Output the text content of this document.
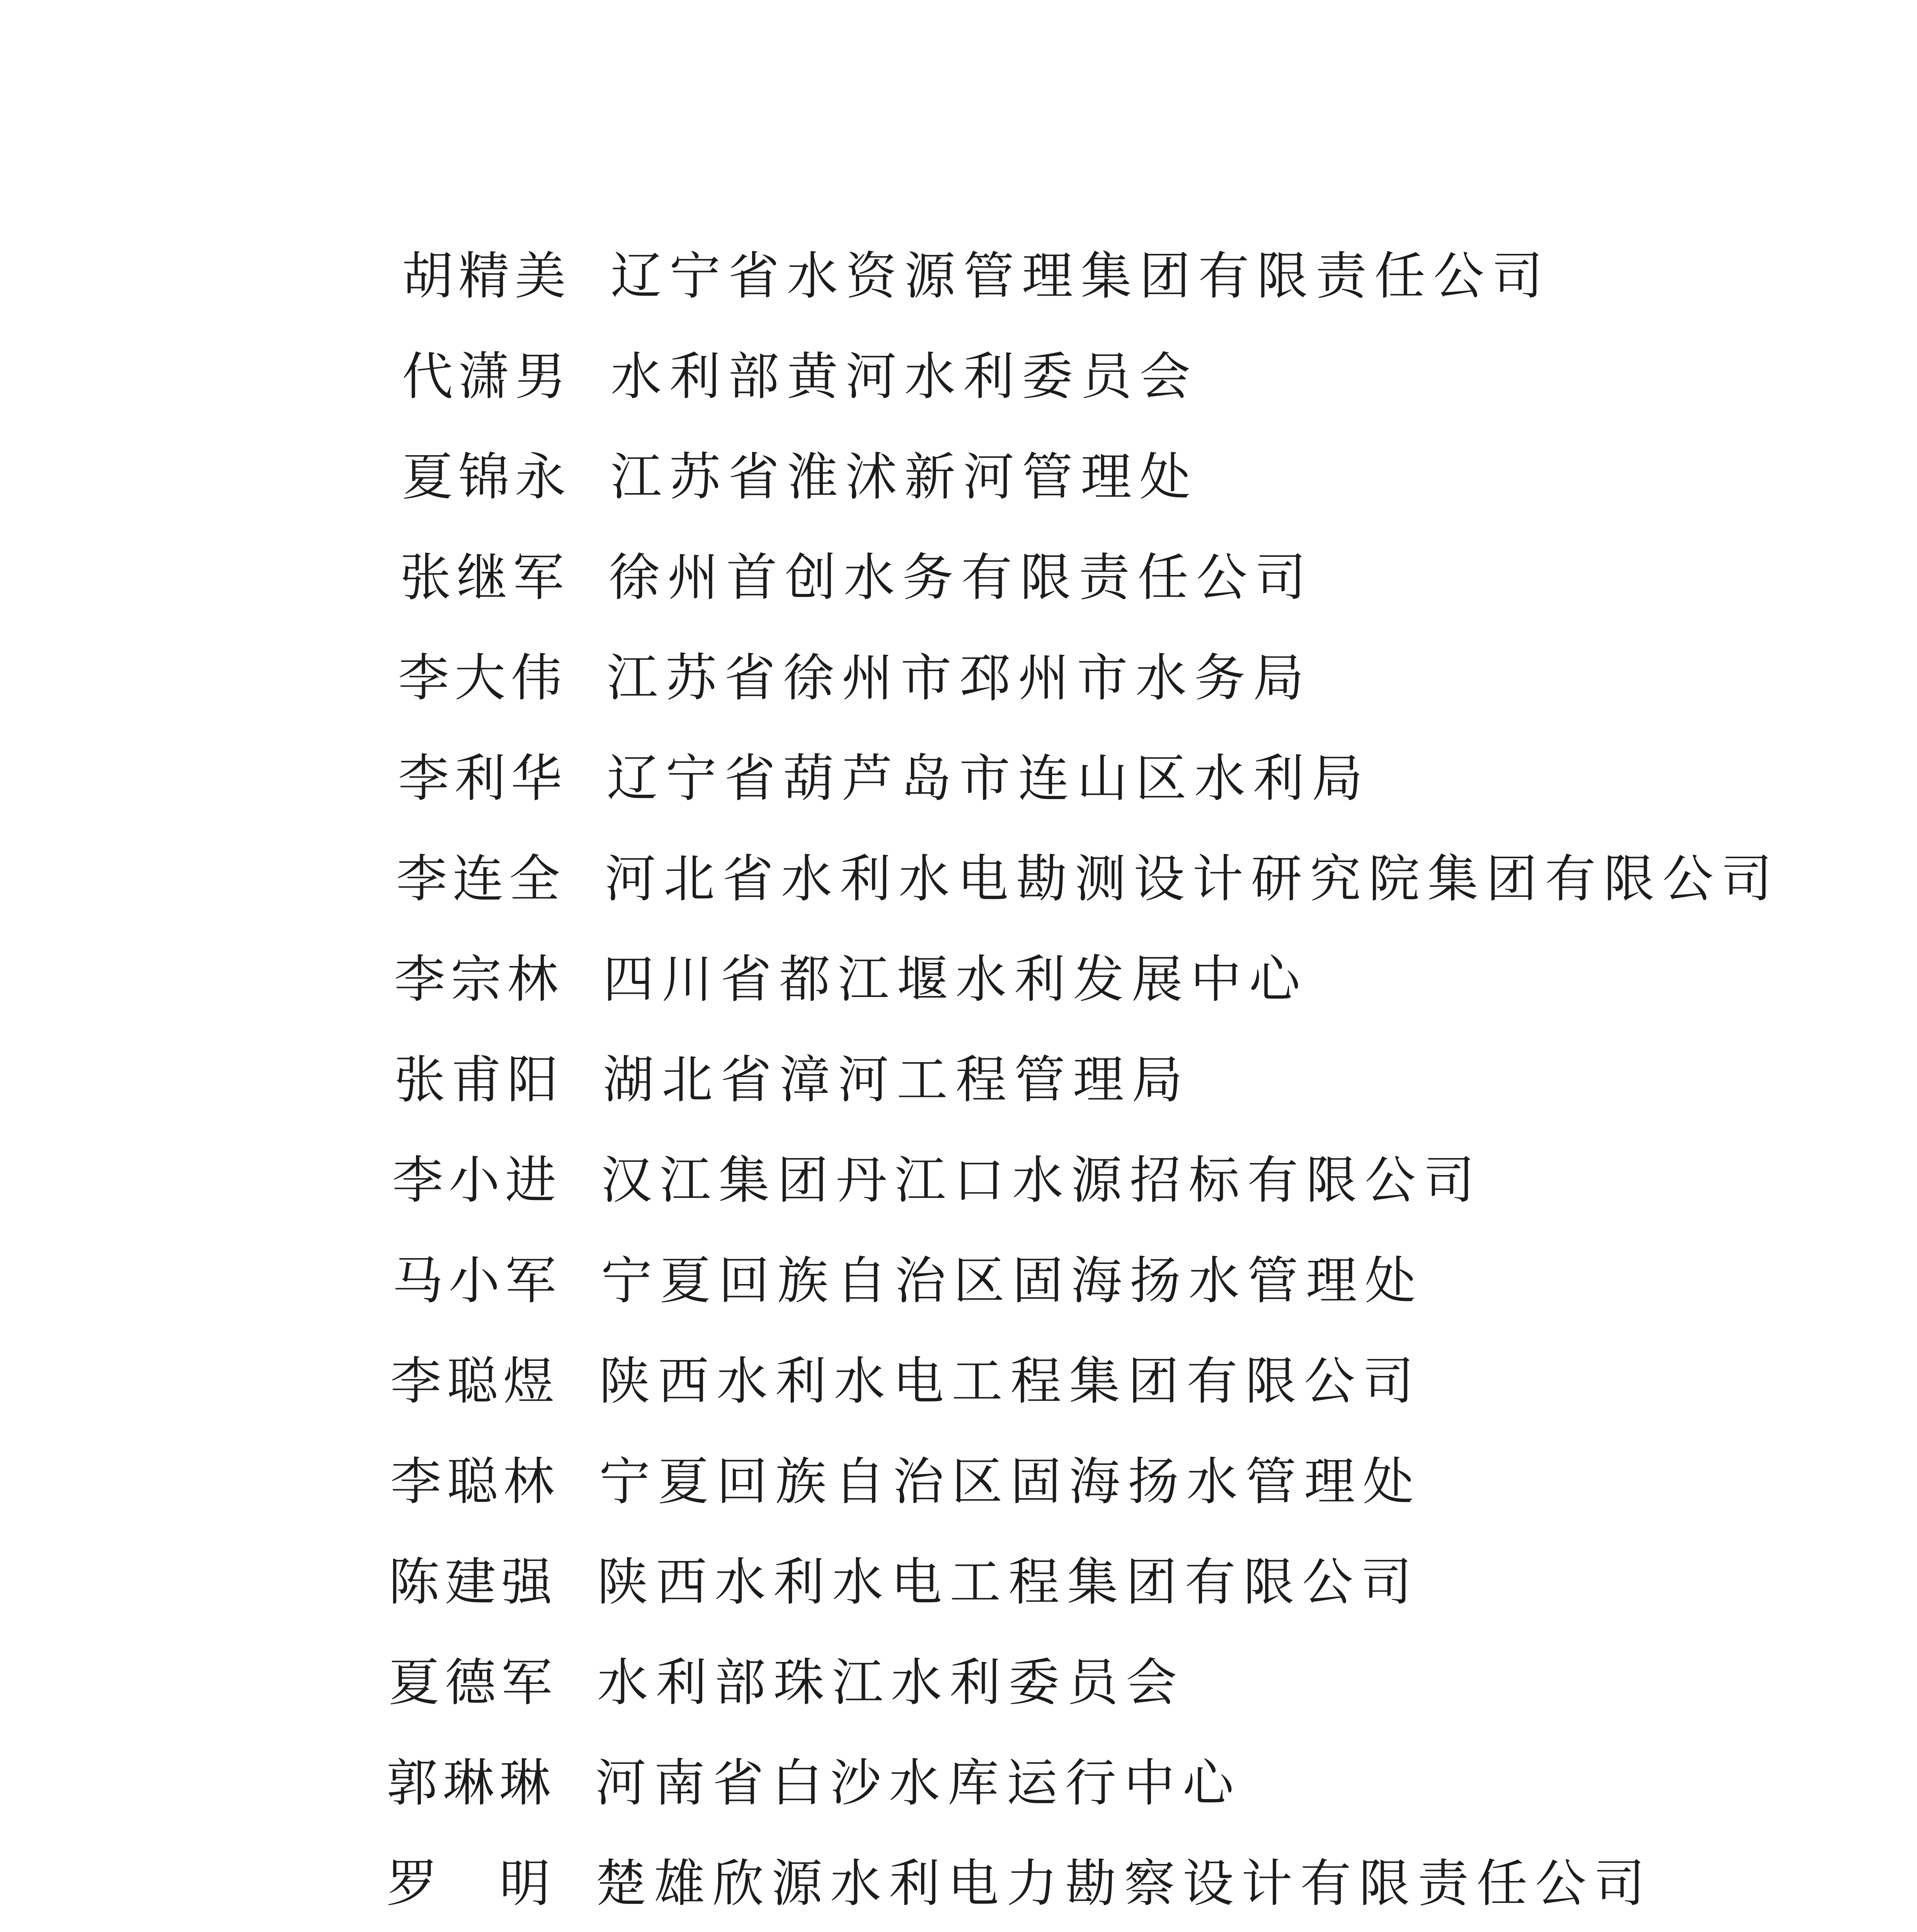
胡精美 辽宁省水资源管理集团有限责任公司
代潇男 水利部黄河水利委员会
夏锦永 江苏省淮沭新河管理处
张继军 徐州首创水务有限责任公司
李大伟 江苏省徐州市邳州市水务局
李利华 辽宁省葫芦岛市连山区水利局
李连全 河北省水利水电勘测设计研究院集团有限公司
李宗林 四川省都江堰水利发展中心
张甫阳 湖北省漳河工程管理局
李小进 汉江集团丹江口水源招标有限公司
马小军 宁夏回族自治区固海扬水管理处
李聪煜 陕西水利水电工程集团有限公司
李聪林 宁夏回族自治区固海扬水管理处
陈建强 陕西水利水电工程集团有限公司
夏德军 水利部珠江水利委员会
郭琳琳 河南省白沙水库运行中心
罗　明 楚雄欣源水利电力勘察设计有限责任公司
